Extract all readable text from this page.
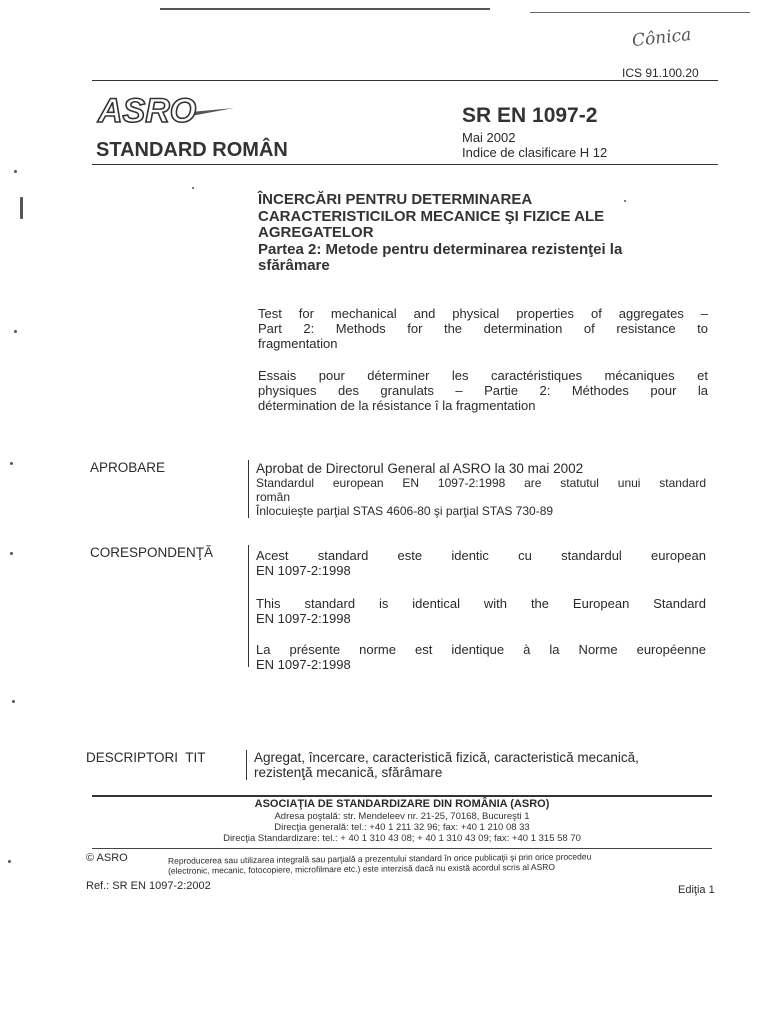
Cônica
ICS 91.100.20
ASRO
STANDARD ROMÂN
SR EN 1097-2
Mai 2002
Indice de clasificare H 12
ÎNCERCĂRI PENTRU DETERMINAREA
CARACTERISTICILOR MECANICE ŞI FIZICE ALE
AGREGATELOR
Partea 2: Metode pentru determinarea rezistenţei la
sfărâmare
Test for mechanical and physical properties of aggregates –
Part 2: Methods for the determination of resistance to
fragmentation
Essais pour déterminer les caractéristiques mécaniques et
physiques des granulats – Partie 2: Méthodes pour la
détermination de la résistance î la fragmentation
APROBARE	Aprobat de Directorul General al ASRO la 30 mai 2002
Standardul european EN 1097-2:1998 are statutul unui standard
român
Înlocuieşte parţial STAS 4606-80 şi parţial STAS 730-89
CORESPONDENŢĂ	Acest standard este identic cu standardul european
EN 1097-2:1998
This standard is identical with the European Standard
EN 1097-2:1998
La présente norme est identique à la Norme européenne
EN 1097-2:1998
DESCRIPTORI  TIT	Agregat, încercare, caracteristică fizică, caracteristică mecanică,
rezistenţă mecanică, sfărâmare
ASOCIAŢIA DE STANDARDIZARE DIN ROMÂNIA (ASRO)
Adresa poştală: str. Mendeleev nr. 21-25, 70168, Bucureşti 1
Direcţia generală: tel.: +40 1 211 32 96; fax: +40 1 210 08 33
Direcţia Standardizare: tel.: + 40 1 310 43 08; + 40 1 310 43 09; fax: +40 1 315 58 70
© ASRO	Reproducerea sau utilizarea integrală sau parţială a prezentului standard în orice publicaţii şi prin orice procedeu
(electronic, mecanic, fotocopiere, microfilmare etc.) este interzisă dacă nu există acordul scris al ASRO
Ref.: SR EN 1097-2:2002	Ediţia 1
